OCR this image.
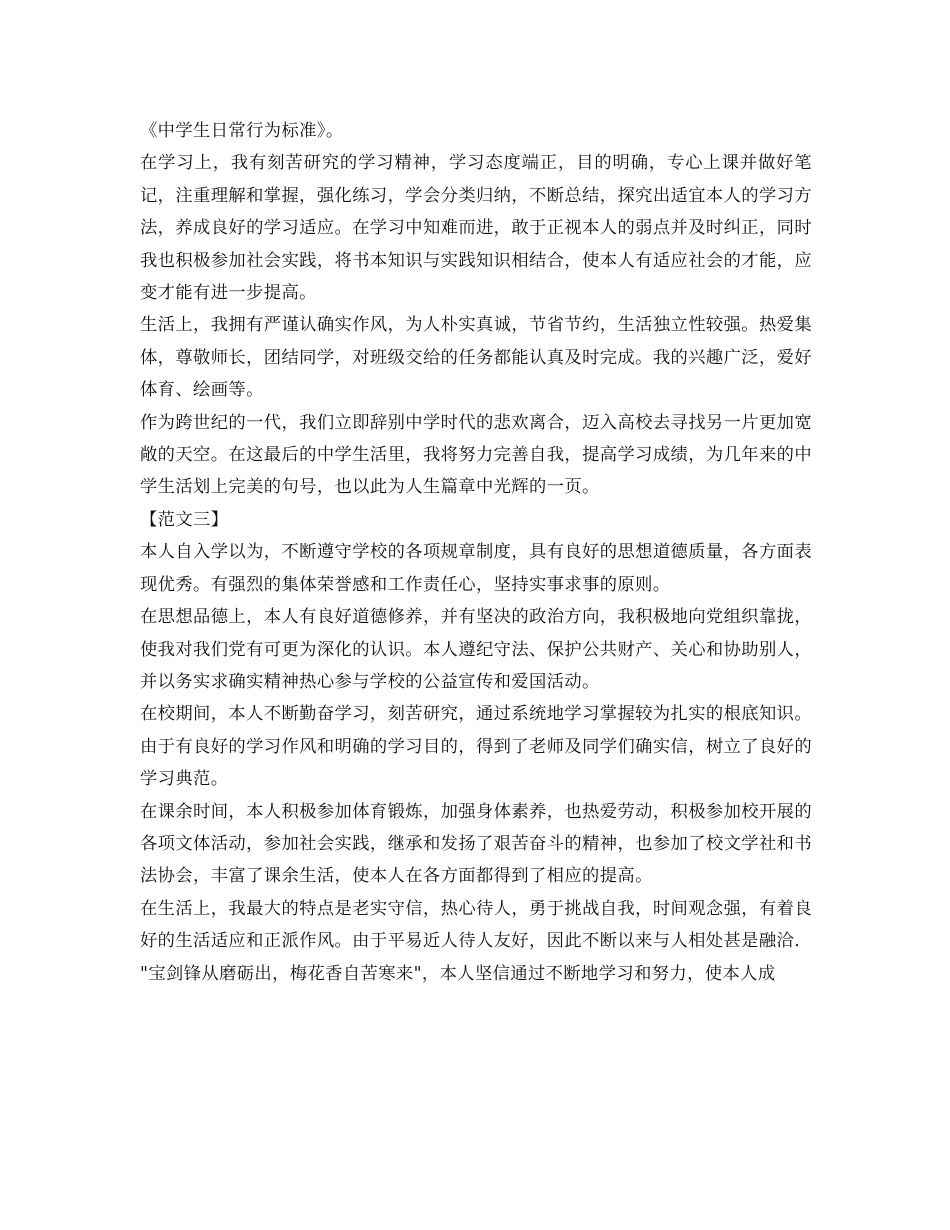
《中学生日常行为标准》。

在学习上，我有刻苦研究的学习精神，学习态度端正，目的明确，专心上课并做好笔记，注重理解和掌握，强化练习，学会分类归纳，不断总结，探究出适宜本人的学习方法，养成良好的学习适应。在学习中知难而进，敢于正视本人的弱点并及时纠正，同时我也积极参加社会实践，将书本知识与实践知识相结合，使本人有适应社会的才能，应变才能有进一步提高。

生活上，我拥有严谨认确实作风，为人朴实真诚，节省节约，生活独立性较强。热爱集体，尊敬师长，团结同学，对班级交给的任务都能认真及时完成。我的兴趣广泛，爱好体育、绘画等。

作为跨世纪的一代，我们立即辞别中学时代的悲欢离合，迈入高校去寻找另一片更加宽敞的天空。在这最后的中学生活里，我将努力完善自我，提高学习成绩，为几年来的中学生活划上完美的句号，也以此为人生篇章中光辉的一页。

【范文三】

本人自入学以为，不断遵守学校的各项规章制度，具有良好的思想道德质量，各方面表现优秀。有强烈的集体荣誉感和工作责任心，坚持实事求事的原则。

在思想品德上，本人有良好道德修养，并有坚决的政治方向，我积极地向党组织靠拢，使我对我们党有可更为深化的认识。本人遵纪守法、保护公共财产、关心和协助别人，并以务实求确实精神热心参与学校的公益宣传和爱国活动。

在校期间，本人不断勤奋学习，刻苦研究，通过系统地学习掌握较为扎实的根底知识。由于有良好的学习作风和明确的学习目的，得到了老师及同学们确实信，树立了良好的学习典范。

在课余时间，本人积极参加体育锻炼，加强身体素养，也热爱劳动，积极参加校开展的各项文体活动，参加社会实践，继承和发扬了艰苦奋斗的精神，也参加了校文学社和书法协会，丰富了课余生活，使本人在各方面都得到了相应的提高。

在生活上，我最大的特点是老实守信，热心待人，勇于挑战自我，时间观念强，有着良好的生活适应和正派作风。由于平易近人待人友好，因此不断以来与人相处甚是融洽.

"宝剑锋从磨砺出，梅花香自苦寒来"，本人坚信通过不断地学习和努力，使本人成
